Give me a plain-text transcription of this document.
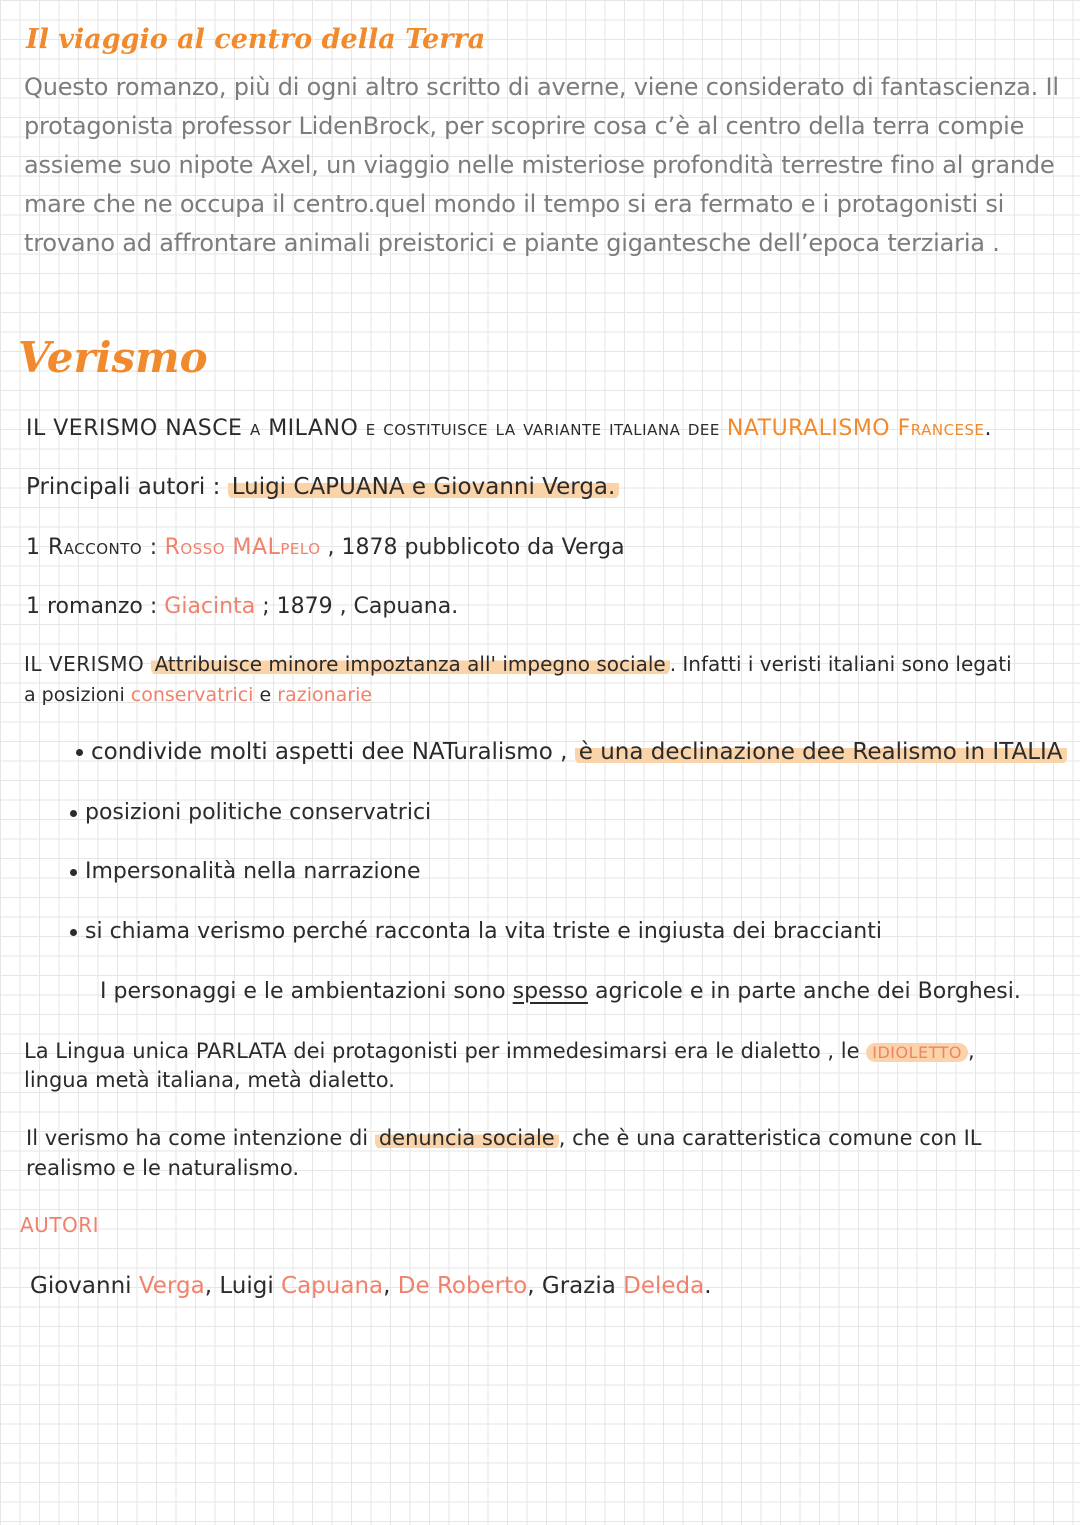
Il viaggio al centro della Terra
Questo romanzo, più di ogni altro scritto di averne, viene considerato di fantascienza. Il protagonista professor LidenBrock, per scoprire cosa c’è al centro della terra compie assieme suo nipote Axel, un viaggio nelle misteriose profondità terrestre fino al grande mare che ne occupa il centro.quel mondo il tempo si era fermato e i protagonisti si trovano ad affrontare animali preistorici e piante gigantesche dell’epoca terziaria .
Verismo
IL VERISMO NASCE a MILANO e costituisce la variante italiana dee NATURALISMO Francese.
Principali autori : Luigi CAPUANA e Giovanni Verga.
1 Racconto : Rosso MALpelo , 1878 pubblicoto da Verga
1 romanzo : Giacinta ; 1879 , Capuana.
IL VERISMO Attribuisce minore impoztanza all' impegno sociale . Infatti i veristi italiani sono legati
a posizioni conservatrici e razionarie
condivide molti aspetti dee NATuralismo , è una declinazione dee Realismo in ITALIA
posizioni politiche conservatrici
Impersonalità nella narrazione
si chiama verismo perché racconta la vita triste e ingiusta dei braccianti
I personaggi e le ambientazioni sono spesso agricole e in parte anche dei Borghesi.
La Lingua unica PARLATA dei protagonisti per immedesimarsi era le dialetto , le IDIOLETTO ,
lingua metà italiana, metà dialetto.
Il verismo ha come intenzione di denuncia sociale , che è una caratteristica comune con IL
realismo e le naturalismo.
AUTORI
Giovanni Verga, Luigi Capuana, De Roberto, Grazia Deleda.
